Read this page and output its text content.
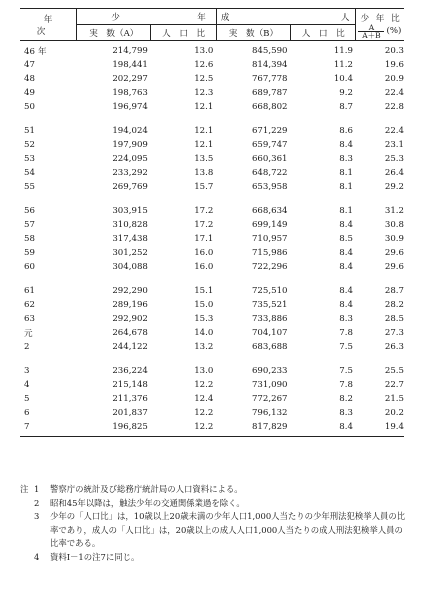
年 次	少 年		成 人		少 年 比
$\frac{A}{A+B}$ (%)

	実　数（A）	人　口　比	実　数（B）	人　口　比	
46 年	214,799	13.0	845,590	11.9	20.3
47	198,441	12.6	814,394	11.2	19.6
48	202,297	12.5	767,778	10.4	20.9
49	198,763	12.3	689,787	9.2	22.4
50	196,974	12.1	668,802	8.7	22.8

51	194,024	12.1	671,229	8.6	22.4
52	197,909	12.1	659,747	8.4	23.1
53	224,095	13.5	660,361	8.3	25.3
54	233,292	13.8	648,722	8.1	26.4
55	269,769	15.7	653,958	8.1	29.2

56	303,915	17.2	668,634	8.1	31.2
57	310,828	17.2	699,149	8.4	30.8
58	317,438	17.1	710,957	8.5	30.9
59	301,252	16.0	715,986	8.4	29.6
60	304,088	16.0	722,296	8.4	29.6

61	292,290	15.1	725,510	8.4	28.7
62	289,196	15.0	735,521	8.4	28.2
63	292,902	15.3	733,886	8.3	28.5
元	264,678	14.0	704,107	7.8	27.3
2	244,122	13.2	683,688	7.5	26.3

3	236,224	13.0	690,233	7.5	25.5
4	215,148	12.2	731,090	7.8	22.7
5	211,376	12.4	772,267	8.2	21.5
6	201,837	12.2	796,132	8.3	20.2
7	196,825	12.2	817,829	8.4	19.4
注 1	警察庁の統計及び総務庁統計局の人口資料による。
2	昭和45年以降は，触法少年の交通関係業過を除く。
3	少年の「人口比」は，10歳以上20歳未満の少年人口1,000人当たりの少年刑法犯検挙人員の比率であり，成人の「人口比」は，20歳以上の成人人口1,000人当たりの成人刑法犯検挙人員の比率である。
4	資料Ⅰ－1の注7に同じ。
